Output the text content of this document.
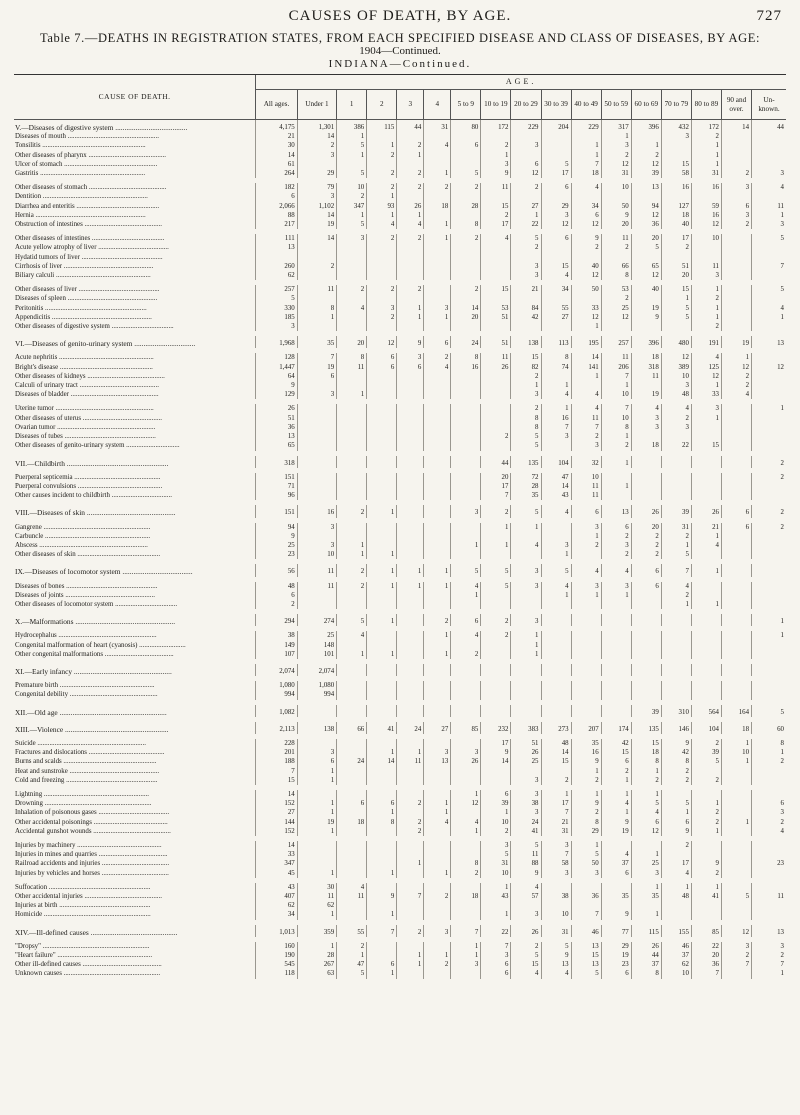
CAUSES OF DEATH, BY AGE.	727
Table 7.—DEATHS IN REGISTRATION STATES, FROM EACH SPECIFIED DISEASE AND CLASS OF DISEASES, BY AGE:
1904—Continued.
INDIANA—Continued.
CAUSE OF DEATH.	AGE.																
	All ages.	Under 1	1	2	3	4	5 to 9	10 to 19	20 to 29	30 to 39	40 to 49	50 to 59	60 to 69	70 to 79	80 to 89	90 and over.	Un-known.
V.—Diseases of digestive system .......................................	4,175	1,301	386	115	44	31	80	172	229	204	229	317	396	432	172	14	44
Diseases of mouth .....................................................	21	14	1									1		3	2		
Tonsilitis ............................................................	30	2	5	1	2	4	6	2	3		1	3	1		1		
Other diseases of pharynx .............................................	14	3	1	2	1			1			1	2	2		1		
Ulcer of stomach ......................................................	61							3	6	5	7	12	12	15	1		
Gastritis .............................................................	264	29	5	2	2	1	5	9	12	17	18	31	39	58	31	2	3

Other diseases of stomach .............................................	182	79	10	2	2	2	2	11	2	6	4	10	13	16	16	3	4
Dentition .............................................................	6	3	2	1													
Diarrhea and enteritis ................................................	2,066	1,102	347	93	26	18	28	15	27	29	34	50	94	127	59	6	11
Hernia ................................................................	88	14	1	1	1			2	1	3	6	9	12	18	16	3	1
Obstruction of intestines .............................................	217	19	5	4	4	1	8	17	22	12	12	20	36	40	12	2	3

Other diseases of intestines ..........................................	111	14	3	2	2	1	2	4	5	6	9	11	20	17	10		5
Acute yellow atrophy of liver .........................................	13								2		2	2	5	2			
Hydatid tumors of liver ...............................................																	
Cirrhosis of liver ....................................................	260	2							3	15	40	66	65	51	11		7
Biliary calculi .......................................................	62								3	4	12	8	12	20	3		

Other diseases of liver ...............................................	257	11	2	2	2		2	15	21	34	50	53	40	15	1		5
Diseases of spleen ....................................................	5											2		1	2		
Peritonitis ...........................................................	330	8	4	3	1	3	14	53	84	55	33	25	19	5	1		4
Appendicitis ..........................................................	185	1		2	1	1	20	51	42	27	12	12	9	5	1		1
Other diseases of digestive system ....................................	3										1				2		

VI.—Diseases of genito-urinary system .................................	1,968	35	20	12	9	6	24	51	138	113	195	257	396	480	191	19	13

Acute nephritis .......................................................	128	7	8	6	3	2	8	11	15	8	14	11	18	12	4	1	
Bright's disease ......................................................	1,447	19	11	6	6	4	16	26	82	74	141	206	318	389	125	12	12
Other diseases of kidneys .............................................	64	6							2		1	7	11	10	12	2	
Calculi of urinary tract ..............................................	9								1	1		1		3	1	2	
Diseases of bladder ...................................................	129	3	1						3	4	4	10	19	48	33	4	

Uterine tumor .........................................................	26								2	1	4	7	4	4	3		1
Other diseases of uterus ..............................................	51								8	16	11	10	3	2	1		
Ovarian tumor .........................................................	36								8	7	7	8	3	3			
Diseases of tubes .....................................................	13							2	5	3	2	1					
Other diseases of genito-urinary system ...............................	65								5		3	2	18	22	15		

VII.—Childbirth .......................................................	318							44	135	104	32	1					2

Puerperal septicemia ..................................................	151							20	72	47	10						2
Puerperal convulsions .................................................	71							17	28	14	11	1					
Other causes incident to childbirth ...................................	96							7	35	43	11						

VIII.—Diseases of skin ................................................	151	16	2	1			3	2	5	4	6	13	26	39	26	6	2

Gangrene ..............................................................	94	3						1	1		3	6	20	31	21	6	2
Carbuncle .............................................................	9										1	2	2	2	1		
Abscess ...............................................................	25	3	1				1	1	4	3	2	3	2	1	4		
Other diseases of skin ................................................	23	10	1	1						1		2	2	5			

IX.—Diseases of locomotor system ......................................	56	11	2	1	1	1	5	5	3	5	4	4	6	7	1		

Diseases of bones .....................................................	48	11	2	1	1	1	4	5	3	4	3	3	6	4			
Diseases of joints ....................................................	6						1			1	1	1		2			
Other diseases of locomotor system ....................................	2													1	1		

X.—Malformations ......................................................	294	274	5	1		2	6	2	3								1

Hydrocephalus .........................................................	38	25	4			1	4	2	1								1
Congenital malformation of heart (cyanosis) ...........................	149	148							1								
Other congenital malformations ........................................	107	101	1	1		1	2		1								

XI.—Early infancy .....................................................	2,074	2,074															

Premature birth .......................................................	1,080	1,080															
Congenital debility ...................................................	994	994															

XII.—Old age ..........................................................	1,082												39	310	564	164	5

XIII.—Violence ........................................................	2,113	138	66	41	24	27	85	232	383	273	207	174	135	146	104	18	60

Suicide ...............................................................	228							17	51	48	35	42	15	9	2	1	8
Fractures and dislocations ............................................	201	3		1	1	3	3	9	26	14	16	15	18	42	39	10	1
Burns and scalds ......................................................	188	6	24	14	11	13	26	14	25	15	9	6	8	8	5	1	2
Heat and sunstroke ....................................................	7	1									1	2	1	2			
Cold and freezing .....................................................	15	1							3	2	2	1	2	2	2		

Lightning .............................................................	14						1	6	3	1	1	1	1				
Drowning ..............................................................	152	1	6	6	2	1	12	39	38	17	9	4	5	5	1		6
Inhalation of poisonous gases .........................................	27	1		1		1		1	3	7	2	1	4	1	2		3
Other accidental poisonings ...........................................	144	19	18	8	2	4	4	10	24	21	8	9	6	6	2	1	2
Accidental gunshot wounds .............................................	152	1			2		1	2	41	31	29	19	12	9	1		4

Injuries by machinery .................................................	14							3	5	3	1			2			
Injuries in mines and quarries ........................................	33							5	11	7	5	4	1				
Railroad accidents and injuries .......................................	347				1		8	31	88	58	50	37	25	17	9		23
Injuries by vehicles and horses .......................................	45	1		1		1	2	10	9	3	3	6	3	4	2		

Suffocation ...........................................................	43	30	4					1	4				1	1	1		
Other accidental injuries .............................................	407	11	11	9	7	2	18	43	57	38	36	35	35	48	41	5	11
Injuries at birth .....................................................	62	62															
Homicide ..............................................................	34	1		1				1	3	10	7	9	1				

XIV.—Ill-defined causes ...............................................	1,013	359	55	7	2	3	7	22	26	31	46	77	115	155	85	12	13

"Dropsy" ..............................................................	160	1	2				1	7	2	5	13	29	26	46	22	3	3
"Heart failure" .......................................................	190	28	1		1	1	1	3	5	9	15	19	44	37	20	2	2
Other ill-defined causes ..............................................	545	267	47	6	1	2	3	6	15	13	13	23	37	62	36	7	7
Unknown causes ........................................................	118	63	5	1				6	4	4	5	6	8	10	7		1
